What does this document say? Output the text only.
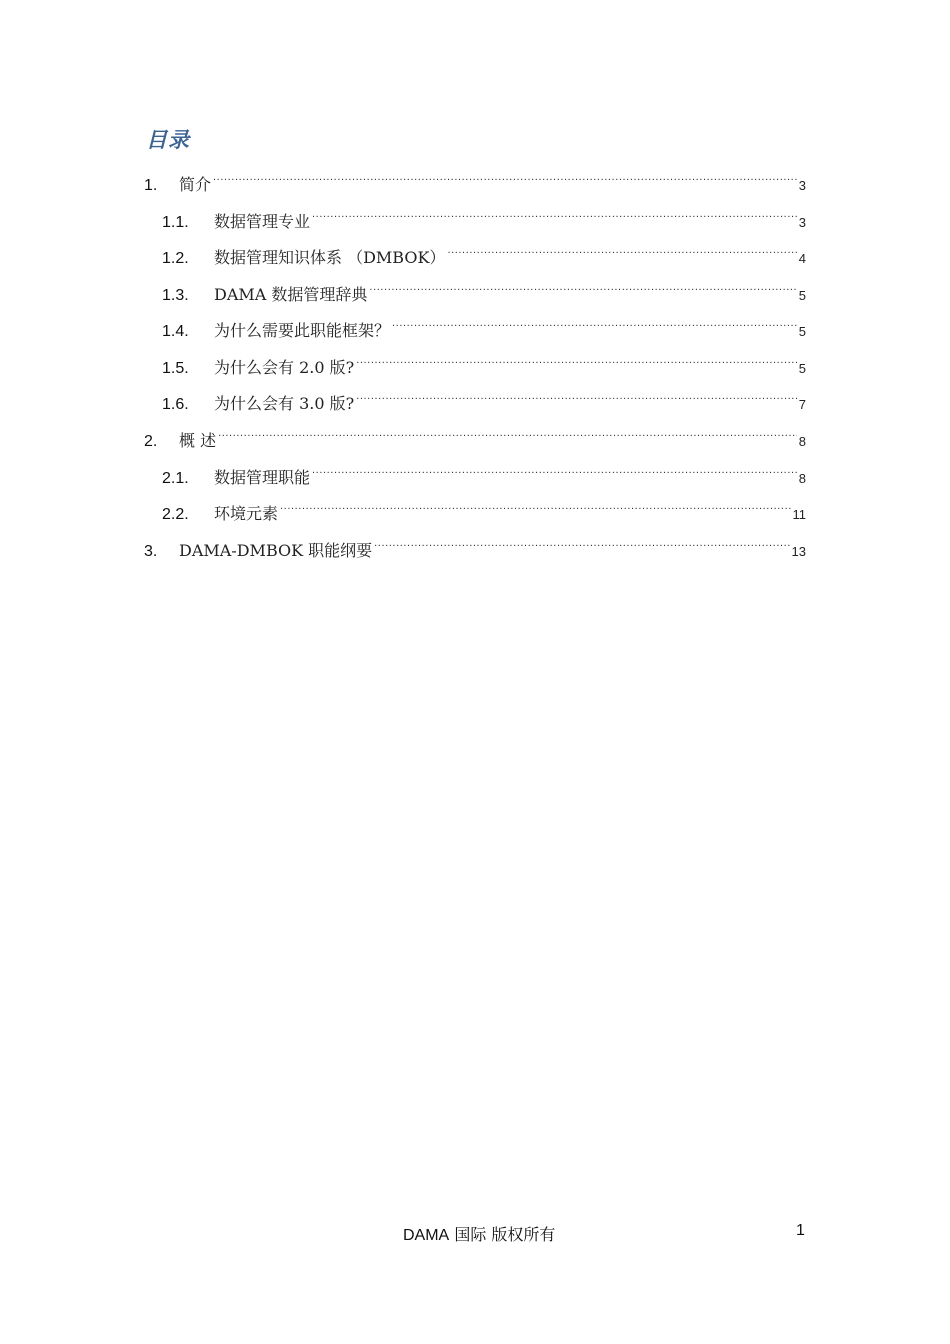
目录
1.	简介 .....	3
1.1.	数据管理专业 .....	3
1.2.	数据管理知识体系 （DMBOK） .....	4
1.3.	DAMA 数据管理辞典 .....	5
1.4.	为什么需要此职能框架？ .....	5
1.5.	为什么会有 2.0 版? .....	5
1.6.	为什么会有 3.0 版? .....	7
2.	概 述 .....	8
2.1.	数据管理职能 .....	8
2.2.	环境元素 .....	11
3.	DAMA-DMBOK 职能纲要 .....	13
DAMA 国际 版权所有	1
